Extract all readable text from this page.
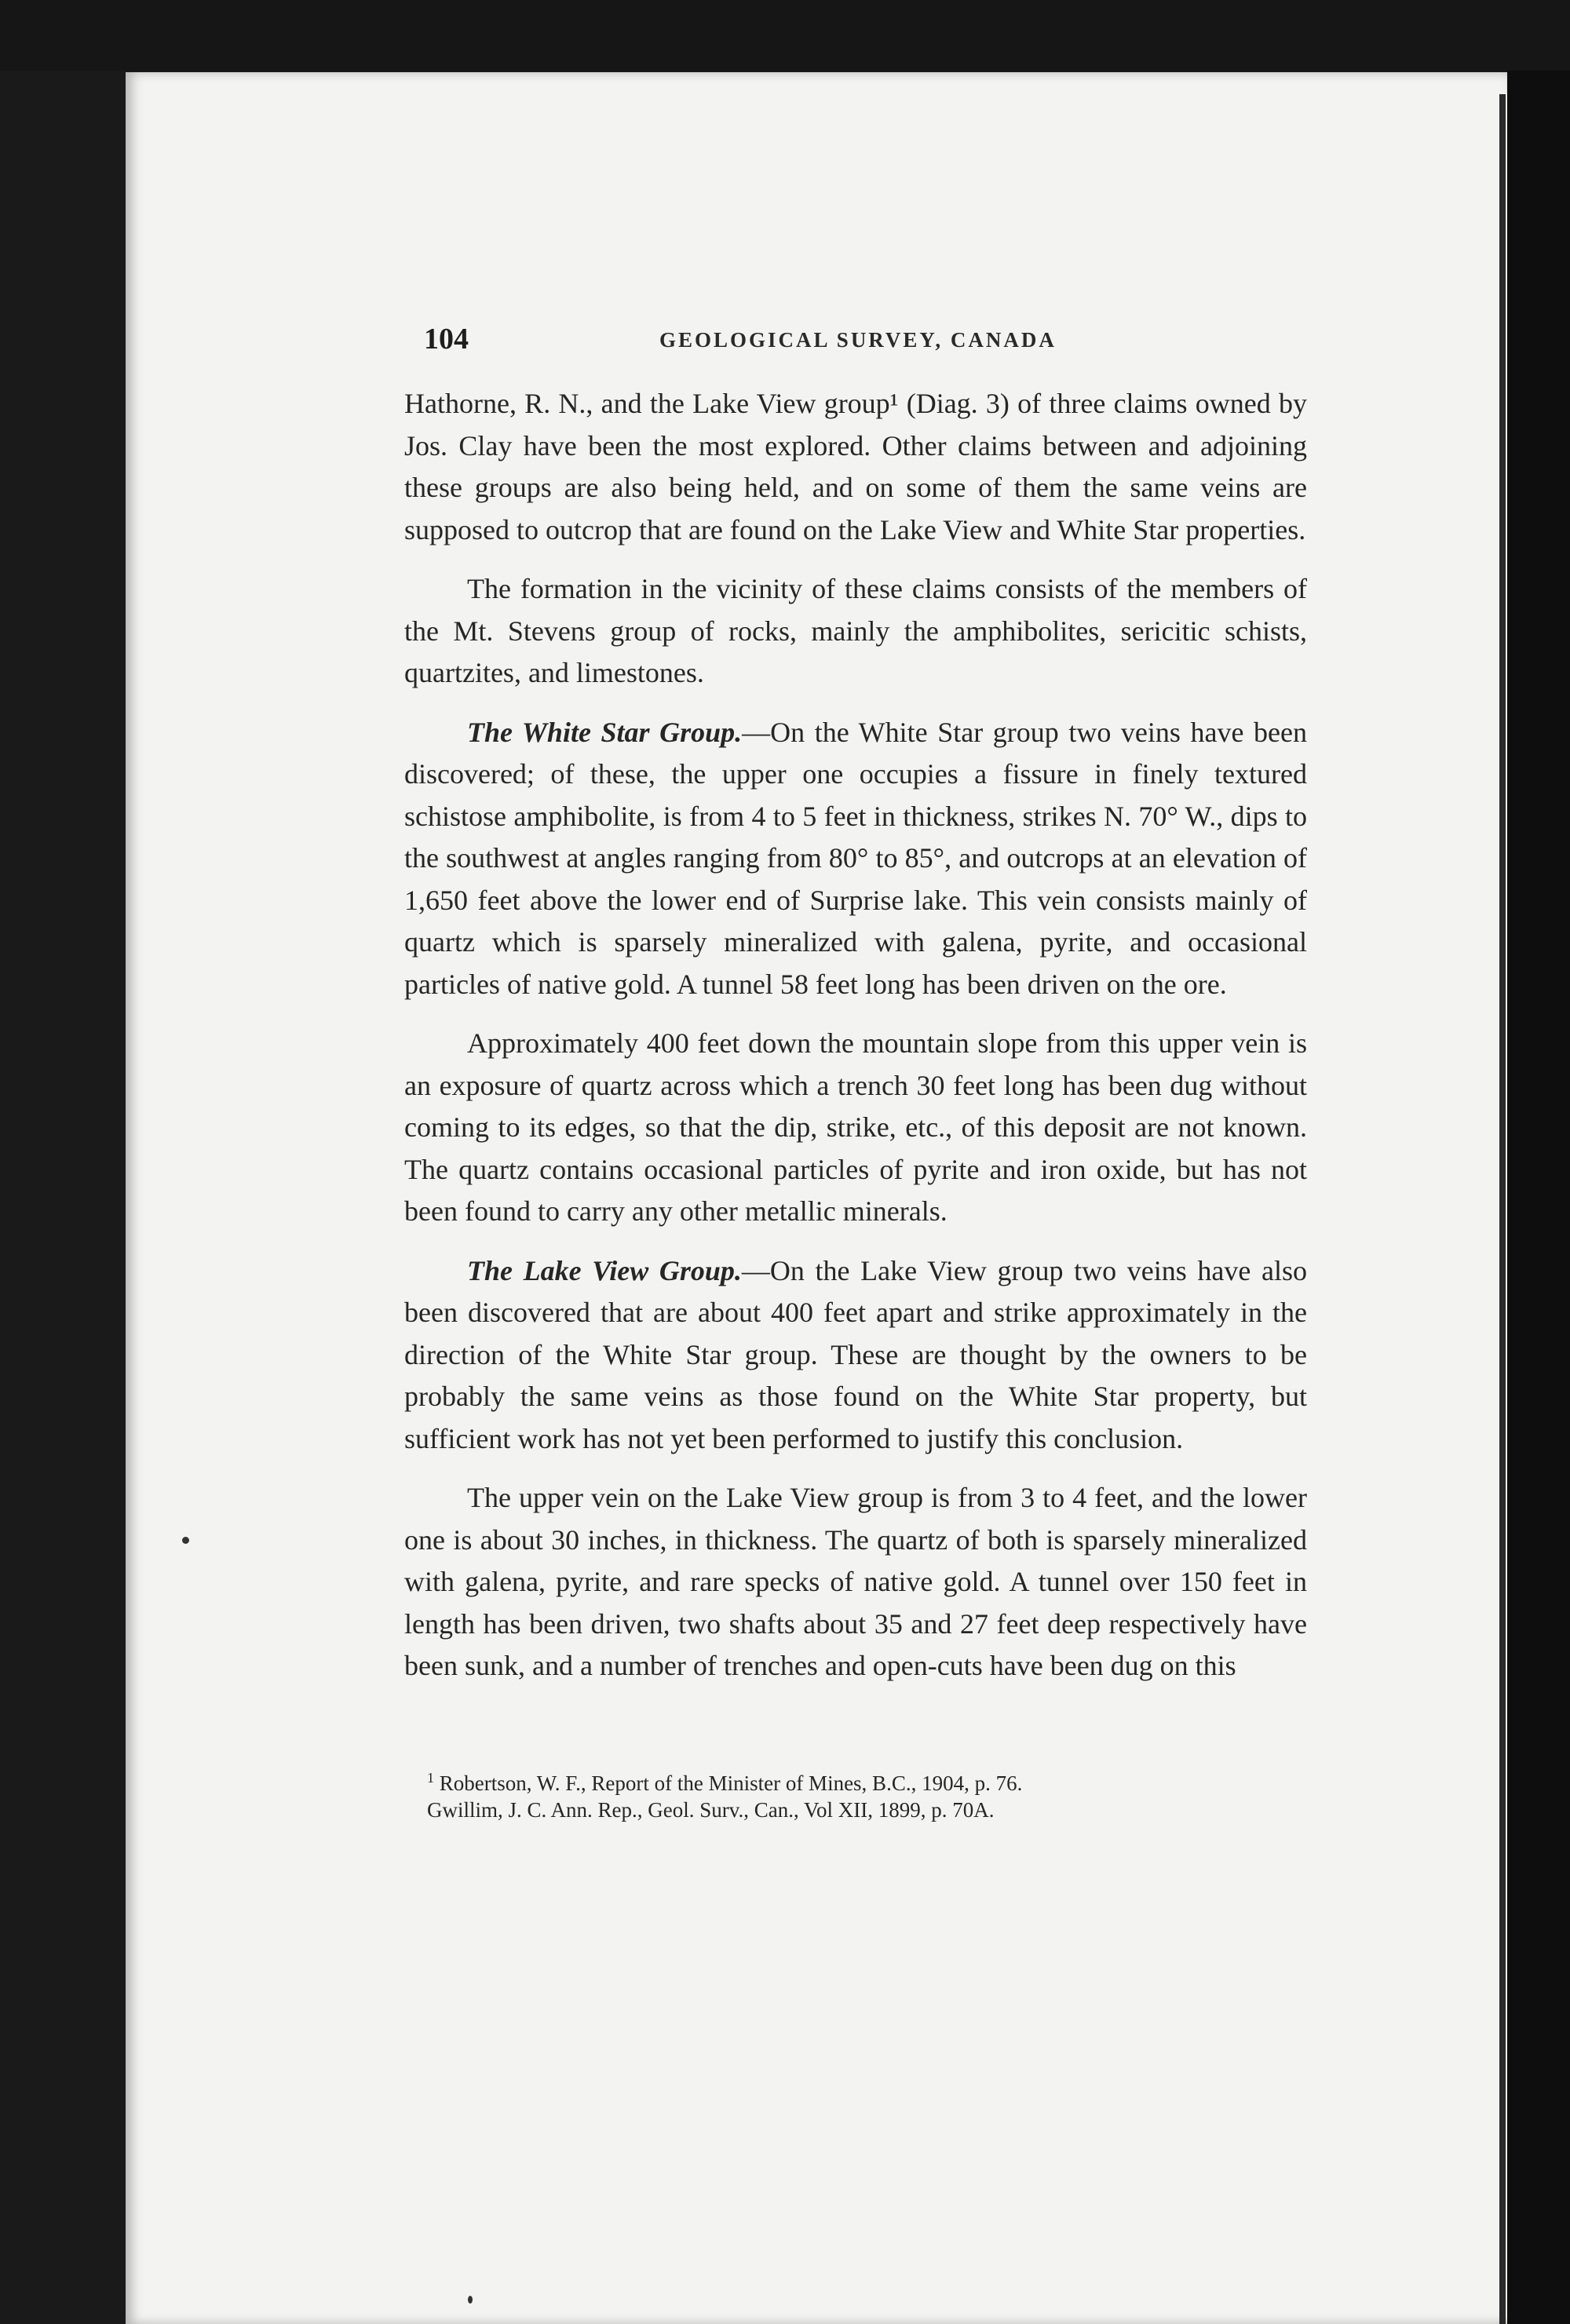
104	GEOLOGICAL SURVEY, CANADA

Hathorne, R. N., and the Lake View group¹ (Diag. 3) of three claims owned by Jos. Clay have been the most explored. Other claims between and adjoining these groups are also being held, and on some of them the same veins are supposed to outcrop that are found on the Lake View and White Star properties.

The formation in the vicinity of these claims consists of the members of the Mt. Stevens group of rocks, mainly the amphibolites, sericitic schists, quartzites, and limestones.

The White Star Group.—On the White Star group two veins have been discovered; of these, the upper one occupies a fissure in finely textured schistose amphibolite, is from 4 to 5 feet in thickness, strikes N. 70° W., dips to the southwest at angles ranging from 80° to 85°, and outcrops at an elevation of 1,650 feet above the lower end of Surprise lake. This vein consists mainly of quartz which is sparsely mineralized with galena, pyrite, and occasional particles of native gold. A tunnel 58 feet long has been driven on the ore.

Approximately 400 feet down the mountain slope from this upper vein is an exposure of quartz across which a trench 30 feet long has been dug without coming to its edges, so that the dip, strike, etc., of this deposit are not known. The quartz contains occasional particles of pyrite and iron oxide, but has not been found to carry any other metallic minerals.

The Lake View Group.—On the Lake View group two veins have also been discovered that are about 400 feet apart and strike approximately in the direction of the White Star group. These are thought by the owners to be probably the same veins as those found on the White Star property, but sufficient work has not yet been performed to justify this conclusion.

The upper vein on the Lake View group is from 3 to 4 feet, and the lower one is about 30 inches, in thickness. The quartz of both is sparsely mineralized with galena, pyrite, and rare specks of native gold. A tunnel over 150 feet in length has been driven, two shafts about 35 and 27 feet deep respectively have been sunk, and a number of trenches and open-cuts have been dug on this

$^1$ Robertson, W. F., Report of the Minister of Mines, B.C., 1904, p. 76.

Gwillim, J. C. Ann. Rep., Geol. Surv., Can., Vol XII, 1899, p. 70A.
